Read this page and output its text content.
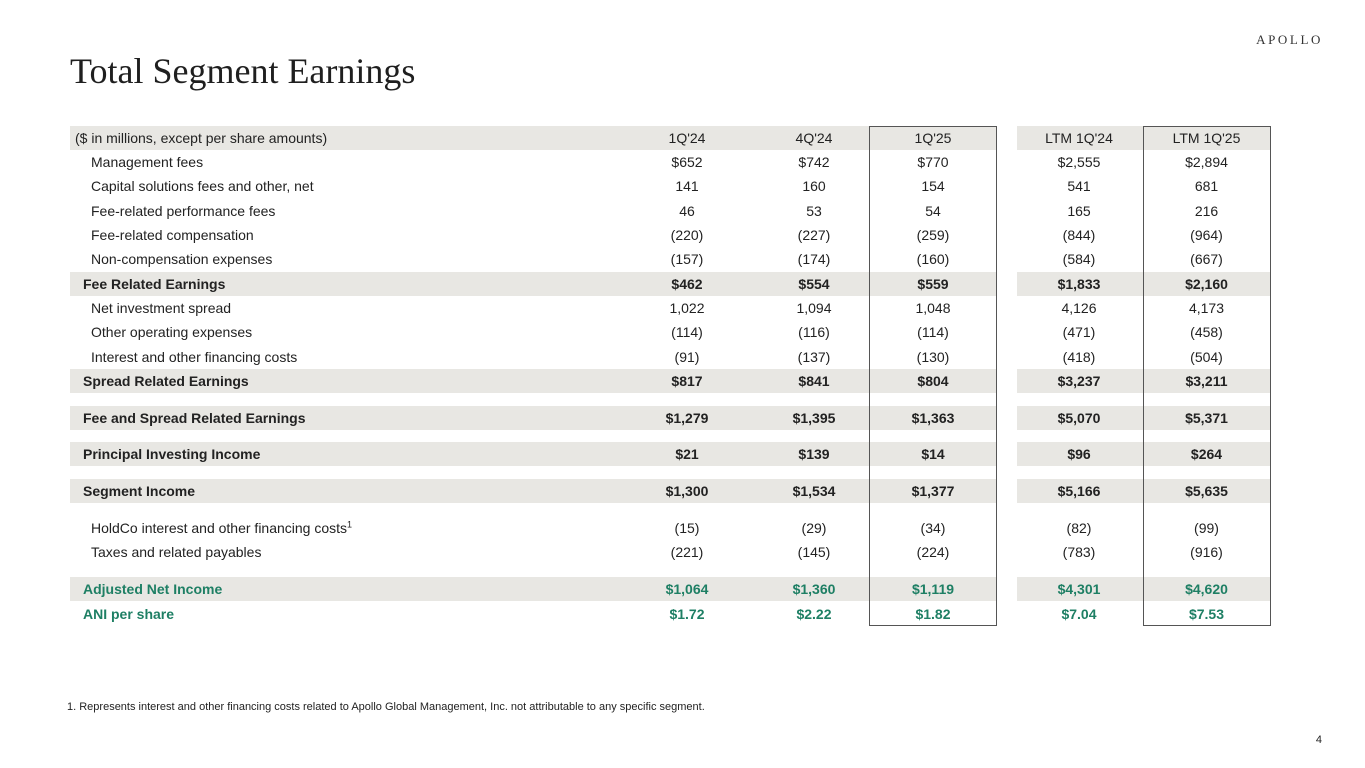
APOLLO
Total Segment Earnings
($ in millions, except per share amounts)	1Q'24	4Q'24	1Q'25	LTM 1Q'24	LTM 1Q'25
Management fees	$652	$742	$770	$2,555	$2,894
Capital solutions fees and other, net	141	160	154	541	681
Fee-related performance fees	46	53	54	165	216
Fee-related compensation	(220)	(227)	(259)	(844)	(964)
Non-compensation expenses	(157)	(174)	(160)	(584)	(667)
Fee Related Earnings	$462	$554	$559	$1,833	$2,160
Net investment spread	1,022	1,094	1,048	4,126	4,173
Other operating expenses	(114)	(116)	(114)	(471)	(458)
Interest and other financing costs	(91)	(137)	(130)	(418)	(504)
Spread Related Earnings	$817	$841	$804	$3,237	$3,211
Fee and Spread Related Earnings	$1,279	$1,395	$1,363	$5,070	$5,371
Principal Investing Income	$21	$139	$14	$96	$264
Segment Income	$1,300	$1,534	$1,377	$5,166	$5,635
HoldCo interest and other financing costs$^1$	(15)	(29)	(34)	(82)	(99)
Taxes and related payables	(221)	(145)	(224)	(783)	(916)
Adjusted Net Income	$1,064	$1,360	$1,119	$4,301	$4,620
ANI per share	$1.72	$2.22	$1.82	$7.04	$7.53
1. Represents interest and other financing costs related to Apollo Global Management, Inc. not attributable to any specific segment.
4
